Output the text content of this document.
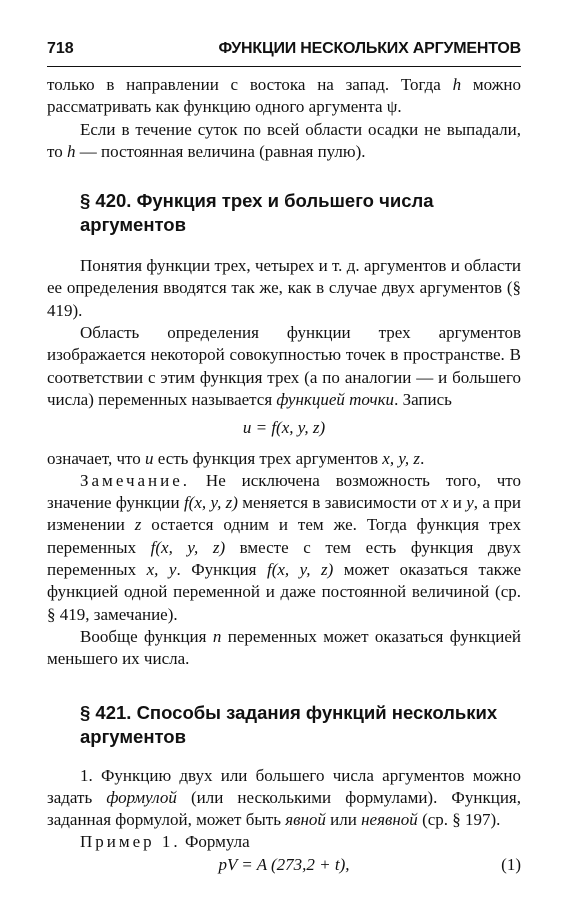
718	ФУНКЦИИ НЕСКОЛЬКИХ АРГУМЕНТОВ

только в направлении с востока на запад. Тогда h можно рассматривать как функцию одного аргумента ψ.

Если в течение суток по всей области осадки не выпадали, то h — постоянная величина (равная пулю).

§ 420. Функция трех и большего числа аргументов

Понятия функции трех, четырех и т. д. аргументов и области ее определения вводятся так же, как в случае двух аргументов (§ 419).

Область определения функции трех аргументов изображается некоторой совокупностью точек в пространстве. В соответствии с этим функция трех (а по аналогии — и большего числа) переменных называется функцией точки. Запись

u = f(x, y, z)

означает, что u есть функция трех аргументов x, y, z.

Замечание. Не исключена возможность того, что значение функции f(x, y, z) меняется в зависимости от x и y, а при изменении z остается одним и тем же. Тогда функция трех переменных f(x, y, z) вместе с тем есть функция двух переменных x, y. Функция f(x, y, z) может оказаться также функцией одной переменной и даже постоянной величиной (ср. § 419, замечание).

Вообще функция n переменных может оказаться функцией меньшего их числа.

§ 421. Способы задания функций нескольких аргументов

1. Функцию двух или большего числа аргументов можно задать формулой (или несколькими формулами). Функция, заданная формулой, может быть явной или неявной (ср. § 197).

Пример 1. Формула

pV = A (273,2 + t),	(1)
